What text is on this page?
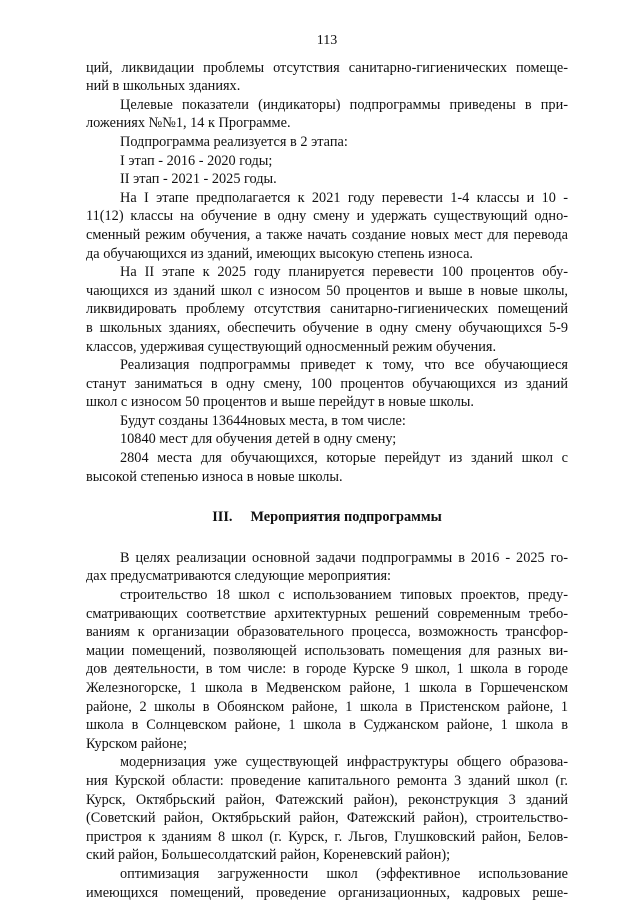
113
ций, ликвидации проблемы отсутствия санитарно-гигиенических помеще-
ний в школьных зданиях.
Целевые показатели (индикаторы) подпрограммы приведены в при-
ложениях №№1, 14 к Программе.
Подпрограмма реализуется в 2 этапа:
I этап - 2016 - 2020 годы;
II этап - 2021 - 2025 годы.
На I этапе предполагается к 2021 году перевести 1-4 классы и 10 -
11(12) классы на обучение в одну смену и удержать существующий одно-
сменный режим обучения, а также начать создание новых мест для переводa
да обучающихся из зданий, имеющих высокую степень износа.
На II этапе к 2025 году планируется перевести 100 процентов обу-
чающихся из зданий школ с износом 50 процентов и выше в новые школы,
ликвидировать проблему отсутствия санитарно-гигиенических помещений
в школьных зданиях, обеспечить обучение в одну смену обучающихся 5-9
классов, удерживая существующий односменный режим обучения.
Реализация подпрограммы приведет к тому, что все обучающиеся
станут заниматься в одну смену, 100 процентов обучающихся из зданий
школ с износом 50 процентов и выше перейдут в новые школы.
Будут созданы 13644новых места, в том числе:
10840 мест для обучения детей в одну смену;
2804 места для обучающихся, которые перейдут из зданий школ с
высокой степенью износа в новые школы.
III. Мероприятия подпрограммы
В целях реализации основной задачи подпрограммы в 2016 - 2025 го-
дах предусматриваются следующие мероприятия:
строительство 18 школ с использованием типовых проектов, преду-
сматривающих соответствие архитектурных решений современным требо-
ваниям к организации образовательного процесса, возможность трансфор-
мации помещений, позволяющей использовать помещения для разных ви-
дов деятельности, в том числе: в городе Курске 9 школ, 1 школа в городе
Железногорске, 1 школа в Медвенском районе, 1 школа в Горшеченском
районе, 2 школы в Обоянском районе, 1 школа в Пристенском районе, 1
школа в Солнцевском районе, 1 школа в Суджанском районе, 1 школа в
Курском районе;
модернизация уже существующей инфраструктуры общего образова-
ния Курской области: проведение капитального ремонта 3 зданий школ (г.
Курск, Октябрьский район, Фатежский район), реконструкция 3 зданий
(Советский район, Октябрьский район, Фатежский район), строительство-
пристроя к зданиям 8 школ (г. Курск, г. Льгов, Глушковский район, Белов-
ский район, Большесолдатский район, Кореневский район);
оптимизация загруженности школ (эффективное использование
имеющихся помещений, проведение организационных, кадровых реше-
